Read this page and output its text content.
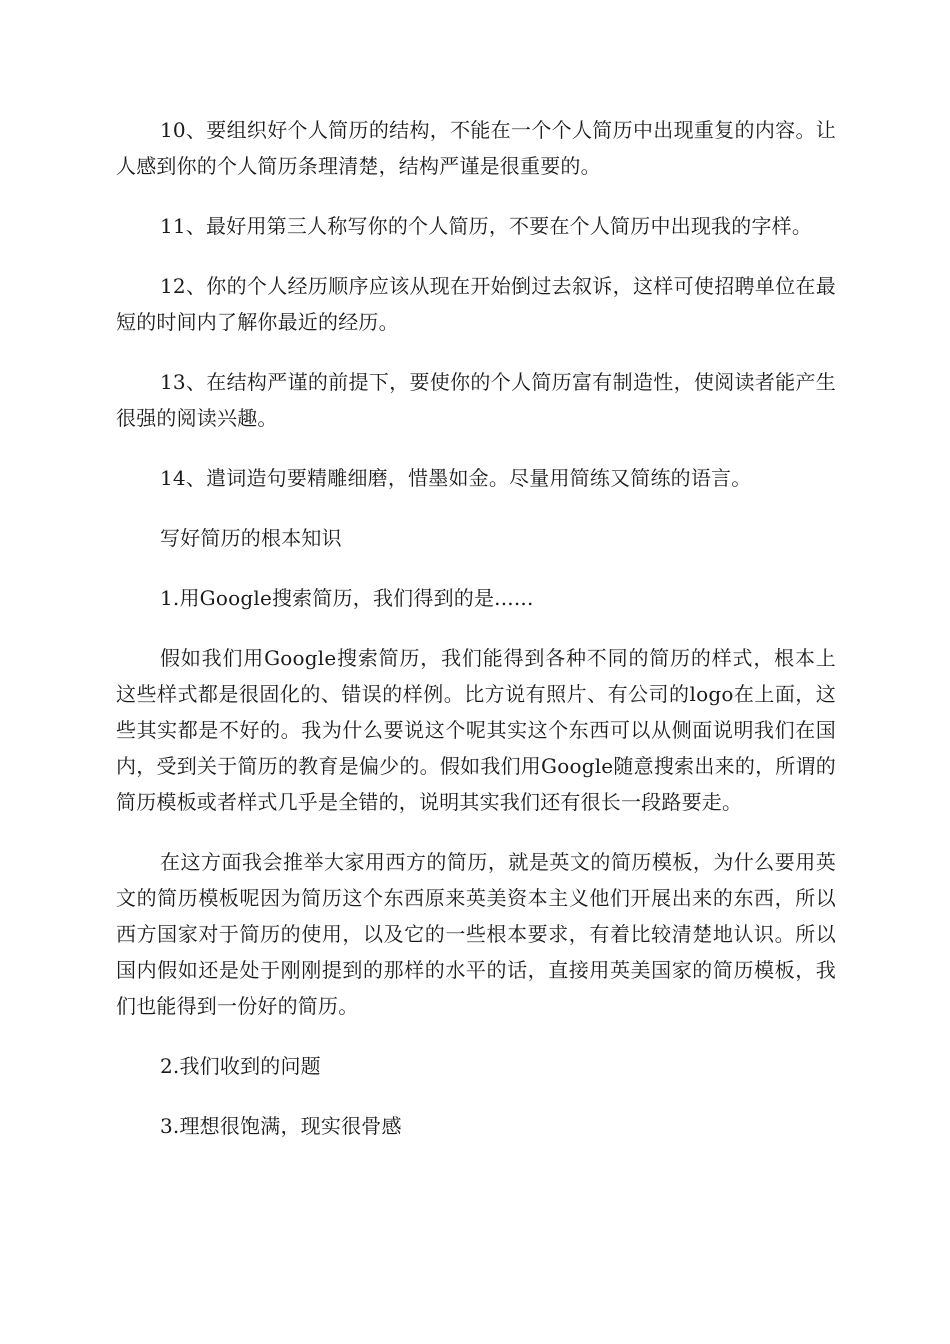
10、要组织好个人简历的结构，不能在一个个人简历中出现重复的内容。让人感到你的个人简历条理清楚，结构严谨是很重要的。

11、最好用第三人称写你的个人简历，不要在个人简历中出现我的字样。

12、你的个人经历顺序应该从现在开始倒过去叙诉，这样可使招聘单位在最短的时间内了解你最近的经历。

13、在结构严谨的前提下，要使你的个人简历富有制造性，使阅读者能产生很强的阅读兴趣。

14、遣词造句要精雕细磨，惜墨如金。尽量用简练又简练的语言。

写好简历的根本知识

1.用Google搜索简历，我们得到的是......

假如我们用Google搜索简历，我们能得到各种不同的简历的样式，根本上这些样式都是很固化的、错误的样例。比方说有照片、有公司的logo在上面，这些其实都是不好的。我为什么要说这个呢其实这个东西可以从侧面说明我们在国内，受到关于简历的教育是偏少的。假如我们用Google随意搜索出来的，所谓的简历模板或者样式几乎是全错的，说明其实我们还有很长一段路要走。

在这方面我会推举大家用西方的简历，就是英文的简历模板，为什么要用英文的简历模板呢因为简历这个东西原来英美资本主义他们开展出来的东西，所以西方国家对于简历的使用，以及它的一些根本要求，有着比较清楚地认识。所以国内假如还是处于刚刚提到的那样的水平的话，直接用英美国家的简历模板，我们也能得到一份好的简历。

2.我们收到的问题

3.理想很饱满，现实很骨感
